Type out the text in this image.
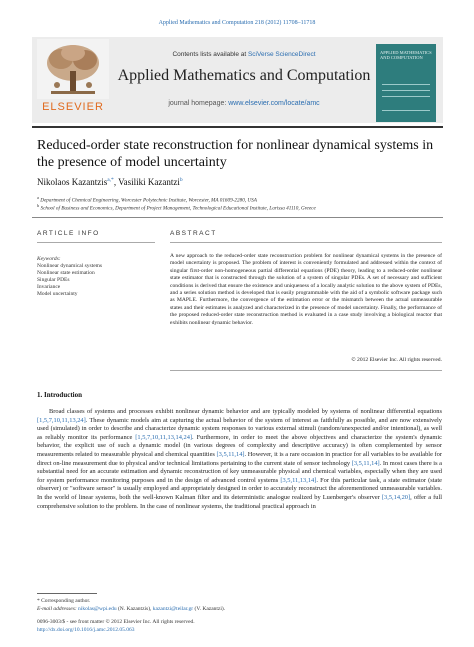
Applied Mathematics and Computation 218 (2012) 11708–11718
ELSEVIER
Contents lists available at SciVerse ScienceDirect
Applied Mathematics and Computation
journal homepage: www.elsevier.com/locate/amc
APPLIED MATHEMATICS AND COMPUTATION
Reduced-order state reconstruction for nonlinear dynamical systems in the presence of model uncertainty
Nikolaos Kazantzis$^{a,*}$, Vasiliki Kazantzi$^b$
$^a$ Department of Chemical Engineering, Worcester Polytechnic Institute, Worcester, MA 01609-2280, USA
$^b$ School of Business and Economics, Department of Project Management, Technological Educational Institute, Larissa 41110, Greece
ARTICLE INFO	ABSTRACT
Keywords:
Nonlinear dynamical systems
Nonlinear state estimation
Singular PDEs
Invariance
Model uncertainty
A new approach to the reduced-order state reconstruction problem for nonlinear dynamical systems in the presence of model uncertainty is proposed. The problem of interest is conveniently formulated and addressed within the context of singular first-order non-homogeneous partial differential equations (PDE) theory, leading to a reduced-order nonlinear state estimator that is constructed through the solution of a system of singular PDEs. A set of necessary and sufficient conditions is derived that ensure the existence and uniqueness of a locally analytic solution to the above system of PDEs, and a series solution method is developed that is easily programmable with the aid of a symbolic software package such as MAPLE. Furthermore, the convergence of the estimation error or the mismatch between the actual unmeasurable states and their estimates is analyzed and characterized in the presence of model uncertainty. Finally, the performance of the proposed reduced-order state reconstruction method is evaluated in a case study involving a biological reactor that exhibits nonlinear dynamic behavior.
© 2012 Elsevier Inc. All rights reserved.
1. Introduction
Broad classes of systems and processes exhibit nonlinear dynamic behavior and are typically modeled by systems of nonlinear differential equations [1,5,7,10,11,13,24]. These dynamic models aim at capturing the actual behavior of the system of interest as faithfully as possible, and are now extensively used (simulated) in order to describe and characterize dynamic system responses to various external stimuli (random/unexpected and/or intentional), as well as reliably monitor its performance [1,5,7,10,11,13,14,24]. Furthermore, in order to meet the above objectives and characterize the system's dynamic behavior, the explicit use of such a dynamic model (in various degrees of complexity and descriptive accuracy) is often complemented by sensor measurements related to measurable physical and chemical quantities [3,5,11,14]. However, it is a rare occasion in practice for all variables to be available for direct on-line measurement due to physical and/or technical limitations pertaining to the current state of sensor technology [3,5,11,14]. In most cases there is a substantial need for an accurate estimation and dynamic reconstruction of key unmeasurable physical and chemical variables, especially when they are used for system performance monitoring purposes and in the design of advanced control systems [3,5,11,13,14]. For this particular task, a state estimator (state observer) or "software sensor" is usually employed and appropriately designed in order to accurately reconstruct the aforementioned unmeasurable variables. In the world of linear systems, both the well-known Kalman filter and its deterministic analogue realized by Luenberger's observer [3,5,14,20], offer a full comprehensive solution to the problem. In the case of nonlinear systems, the traditional practical approach in
* Corresponding author.
E-mail addresses: nikolas@wpi.edu (N. Kazantzis), kazantzi@teilar.gr (V. Kazantzi).
0096-3003/$ - see front matter © 2012 Elsevier Inc. All rights reserved.
http://dx.doi.org/10.1016/j.amc.2012.05.063
